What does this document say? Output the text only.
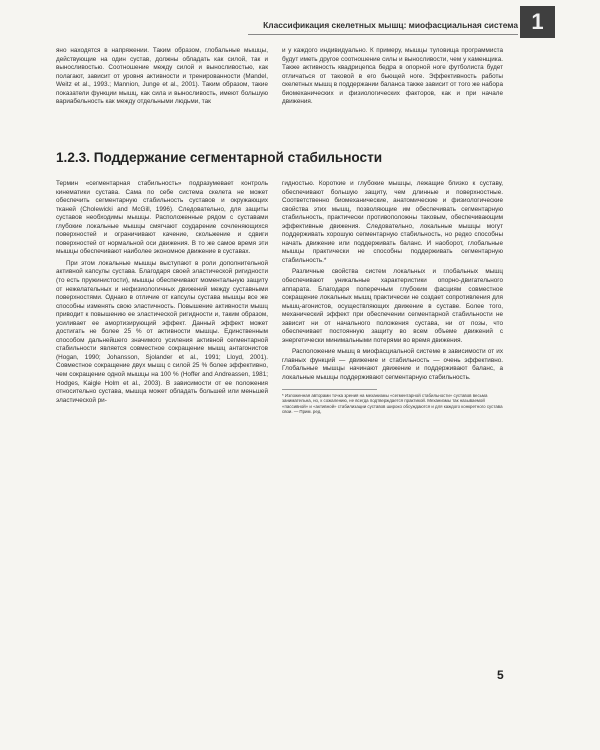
Классификация скелетных мышц: миофасциальная система 1

яно находятся в напряжении. Таким образом, глобальные мышцы, действующие на один сустав, должны обладать как силой, так и выносливостью. Соотношение между силой и выносливостью, как полагают, зависит от уровня активности и тренированности (Mandel, Weitz et al., 1993.; Mannion, Junge et al., 2001). Таким образом, такие показатели функции мышц, как сила и выносливость, имеют большую вариабельность как между отдельными людьми, так

и у каждого индивидуально. К примеру, мышцы туловища программиста будут иметь другое соотношение силы и выносливости, чем у каменщика. Также активность квадрицепса бедра в опорной ноге футболиста будет отличаться от таковой в его бьющей ноге. Эффективность работы скелетных мышц в поддержании баланса также зависит от того же набора биомеханических и физиологических факторов, как и при начале движения.

1.2.3. Поддержание сегментарной стабильности

Термин «сегментарная стабильность» подразумевает контроль кинематики сустава. Сама по себе система скелета не может обеспечить сегментарную стабильность суставов и окружающих тканей (Cholewicki and McGill, 1996). Следовательно, для защиты суставов необходимы мышцы. Расположенные рядом с суставами глубокие локальные мышцы смягчают соударение сочленяющихся поверхностей и ограничивают качение, скольжение и сдвиги поверхностей от нормальной оси движения. В то же самое время эти мышцы обеспечивают наиболее экономное движение в суставах.

При этом локальные мышцы выступают в роли дополнительной активной капсулы сустава. Благодаря своей эластической ригидности (то есть пружинистости), мышцы обеспечивают моментальную защиту от нежелательных и нефизиологичных движений между суставными поверхностями. Однако в отличие от капсулы сустава мышцы все же способны изменять свою эластичность. Повышение активности мышц приводит к повышению ее эластической ригидности и, таким образом, усиливает ее амортизирующий эффект. Данный эффект может достигать не более 25 % от активности мышцы. Единственным способом дальнейшего значимого усиления активной сегментарной стабильности является совместное сокращение мышц антагонистов (Hogan, 1990; Johansson, Sjolander et al., 1991; Lloyd, 2001). Совместное сокращение двух мышц с силой 25 % более эффективно, чем сокращение одной мышцы на 100 % (Hoffer and Andreassen, 1981; Hodges, Kaigle Holm et al., 2003). В зависимости от ее положения относительно сустава, мышца может обладать большей или меньшей эластической ри-

гидностью. Короткие и глубокие мышцы, лежащие близко к суставу, обеспечивают большую защиту, чем длинные и поверхностные. Соответственно биомеханические, анатомические и физиологические свойства этих мышц, позволяющие им обеспечивать сегментарную стабильность, практически противоположны таковым, обеспечивающим эффективные движения. Следовательно, локальные мышцы могут поддерживать хорошую сегментарную стабильность, но редко способны начать движение или поддерживать баланс. И наоборот, глобальные мышцы практически не способны поддерживать сегментарную стабильность.*

Различные свойства систем локальных и глобальных мышц обеспечивают уникальные характеристики опорно-двигательного аппарата. Благодаря поперечным глубоким фасциям совместное сокращение локальных мышц практически не создает сопротивления для мышц-агонистов, осуществляющих движение в суставе. Более того, механический эффект при обеспечении сегментарной стабильности не зависит ни от начального положения сустава, ни от позы, что обеспечивает постоянную защиту во всем объеме движений с энергетически минимальными потерями во время движения.

Расположение мышц в миофасциальной системе в зависимости от их главных функций — движение и стабильность — очень эффективно. Глобальные мышцы начинают движение и поддерживают баланс, а локальные мышцы поддерживают сегментарную стабильность.

* Изложенная авторами точка зрения на механизмы «сегментарной стабильности» суставов весьма занимательна, но, к сожалению, не всегда подтверждается практикой. Механизмы так называемой «пассивной» и «активной» стабилизации суставов широко обсуждаются и для каждого конкретного сустава свои. — Прим. ред.

5
